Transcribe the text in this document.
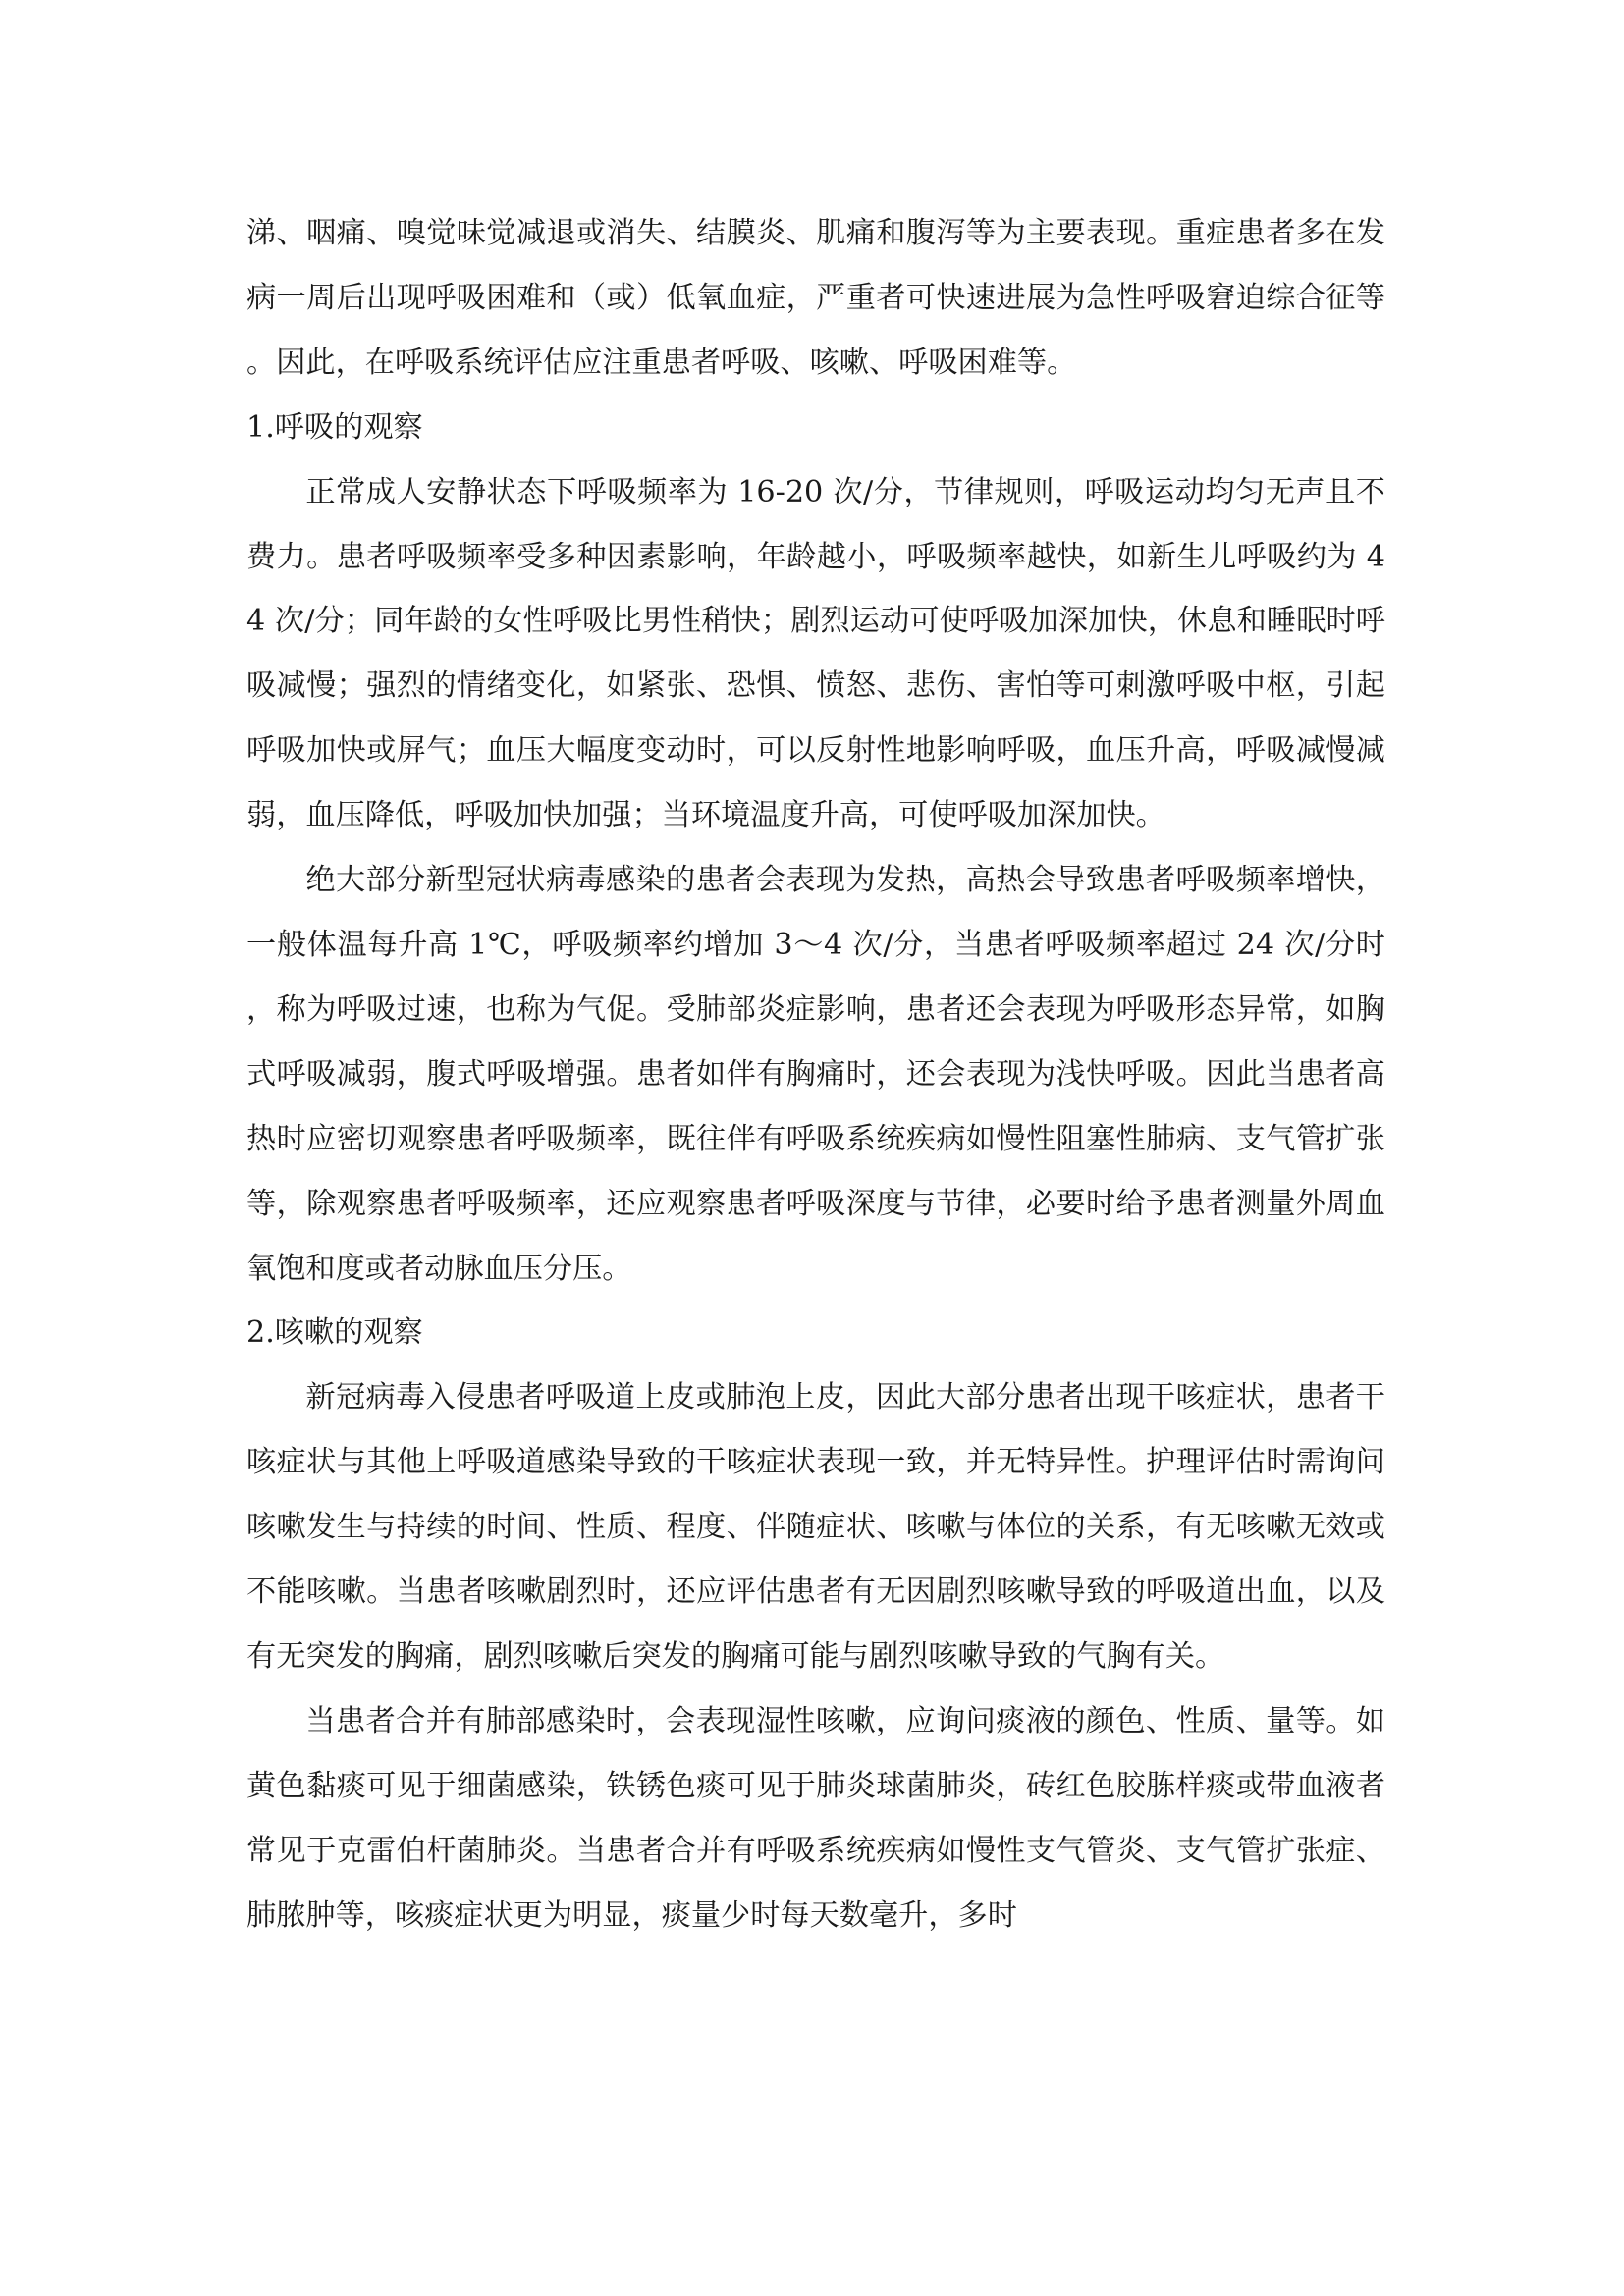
涕、咽痛、嗅觉味觉减退或消失、结膜炎、肌痛和腹泻等为主要表现。重症患者多在发病一周后出现呼吸困难和（或）低氧血症，严重者可快速进展为急性呼吸窘迫综合征等。因此，在呼吸系统评估应注重患者呼吸、咳嗽、呼吸困难等。

1.呼吸的观察

正常成人安静状态下呼吸频率为 16-20 次/分，节律规则，呼吸运动均匀无声且不费力。患者呼吸频率受多种因素影响，年龄越小，呼吸频率越快，如新生儿呼吸约为 44 次/分；同年龄的女性呼吸比男性稍快；剧烈运动可使呼吸加深加快，休息和睡眠时呼吸减慢；强烈的情绪变化，如紧张、恐惧、愤怒、悲伤、害怕等可刺激呼吸中枢，引起呼吸加快或屏气；血压大幅度变动时，可以反射性地影响呼吸，血压升高，呼吸减慢减弱，血压降低，呼吸加快加强；当环境温度升高，可使呼吸加深加快。

绝大部分新型冠状病毒感染的患者会表现为发热，高热会导致患者呼吸频率增快，一般体温每升高 1℃，呼吸频率约增加 3～4 次/分，当患者呼吸频率超过 24 次/分时，称为呼吸过速，也称为气促。受肺部炎症影响，患者还会表现为呼吸形态异常，如胸式呼吸减弱，腹式呼吸增强。患者如伴有胸痛时，还会表现为浅快呼吸。因此当患者高热时应密切观察患者呼吸频率，既往伴有呼吸系统疾病如慢性阻塞性肺病、支气管扩张等，除观察患者呼吸频率，还应观察患者呼吸深度与节律，必要时给予患者测量外周血氧饱和度或者动脉血压分压。

2.咳嗽的观察

新冠病毒入侵患者呼吸道上皮或肺泡上皮，因此大部分患者出现干咳症状，患者干咳症状与其他上呼吸道感染导致的干咳症状表现一致，并无特异性。护理评估时需询问咳嗽发生与持续的时间、性质、程度、伴随症状、咳嗽与体位的关系，有无咳嗽无效或不能咳嗽。当患者咳嗽剧烈时，还应评估患者有无因剧烈咳嗽导致的呼吸道出血，以及有无突发的胸痛，剧烈咳嗽后突发的胸痛可能与剧烈咳嗽导致的气胸有关。

当患者合并有肺部感染时，会表现湿性咳嗽，应询问痰液的颜色、性质、量等。如黄色黏痰可见于细菌感染，铁锈色痰可见于肺炎球菌肺炎，砖红色胶胨样痰或带血液者常见于克雷伯杆菌肺炎。当患者合并有呼吸系统疾病如慢性支气管炎、支气管扩张症、肺脓肿等，咳痰症状更为明显，痰量少时每天数毫升，多时
